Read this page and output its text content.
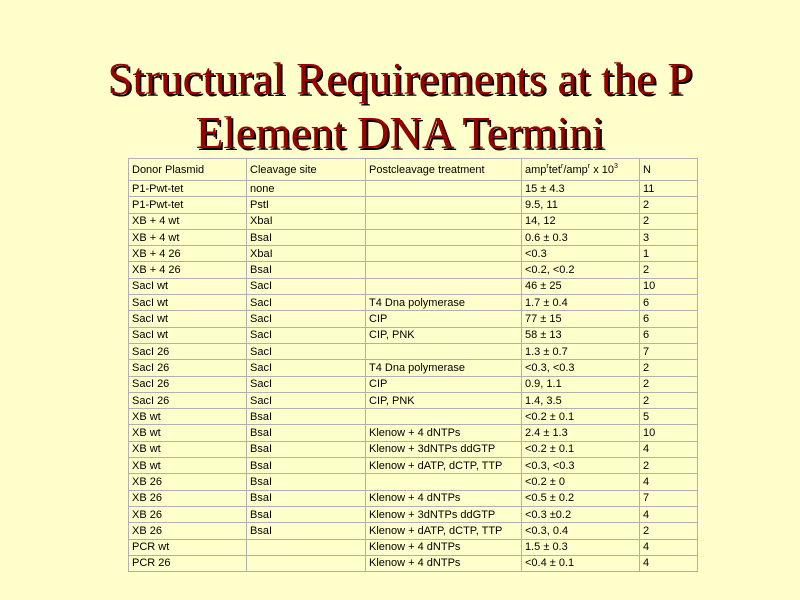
Structural Requirements at the P
Element DNA Termini
Donor Plasmid	Cleavage site	Postcleavage treatment	amp$^r$tet$^r$/amp$^r$ x $10^3$	N
P1-Pwt-tet	none		15 ± 4.3	11
P1-Pwt-tet	PstI		9.5, 11	2
XB + 4 wt	XbaI		14, 12	2
XB + 4 wt	BsaI		0.6 ± 0.3	3
XB + 4 26	XbaI		<0.3	1
XB + 4 26	BsaI		<0.2, <0.2	2
SacI wt	SacI		46 ± 25	10
SacI wt	SacI	T4 Dna polymerase	1.7 ± 0.4	6
SacI wt	SacI	CIP	77 ± 15	6
SacI wt	SacI	CIP, PNK	58 ± 13	6
SacI 26	SacI		1.3 ± 0.7	7
SacI 26	SacI	T4 Dna polymerase	<0.3, <0.3	2
SacI 26	SacI	CIP	0.9, 1.1	2
SacI 26	SacI	CIP, PNK	1.4, 3.5	2
XB wt	BsaI		<0.2 ± 0.1	5
XB wt	BsaI	Klenow + 4 dNTPs	2.4 ± 1.3	10
XB wt	BsaI	Klenow + 3dNTPs ddGTP	<0.2 ± 0.1	4
XB wt	BsaI	Klenow + dATP, dCTP, TTP	<0.3, <0.3	2
XB 26	BsaI		<0.2 ± 0	4
XB 26	BsaI	Klenow + 4 dNTPs	<0.5 ± 0.2	7
XB 26	BsaI	Klenow + 3dNTPs ddGTP	<0.3 ±0.2	4
XB 26	BsaI	Klenow + dATP, dCTP, TTP	<0.3, 0.4	2
PCR wt		Klenow + 4 dNTPs	1.5 ± 0.3	4
PCR 26		Klenow + 4 dNTPs	<0.4 ± 0.1	4
